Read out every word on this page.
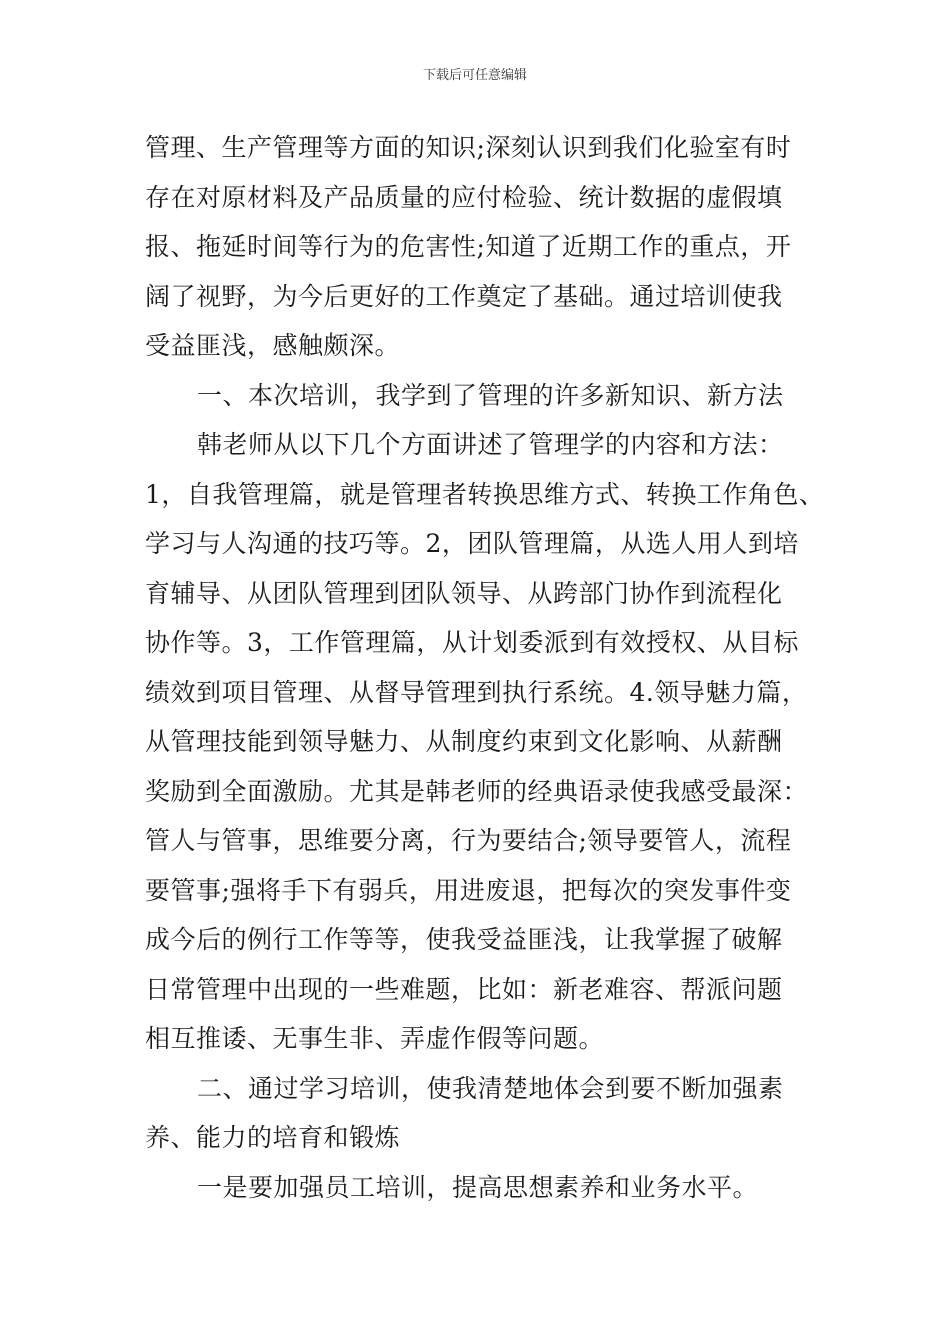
下载后可任意编辑
管理、生产管理等方面的知识;深刻认识到我们化验室有时
存在对原材料及产品质量的应付检验、统计数据的虚假填
报、拖延时间等行为的危害性;知道了近期工作的重点，开
阔了视野，为今后更好的工作奠定了基础。通过培训使我
受益匪浅，感触颇深。
一、本次培训，我学到了管理的许多新知识、新方法
韩老师从以下几个方面讲述了管理学的内容和方法：
1，自我管理篇，就是管理者转换思维方式、转换工作角色、
学习与人沟通的技巧等。2，团队管理篇，从选人用人到培
育辅导、从团队管理到团队领导、从跨部门协作到流程化
协作等。3，工作管理篇，从计划委派到有效授权、从目标
绩效到项目管理、从督导管理到执行系统。4.领导魅力篇，
从管理技能到领导魅力、从制度约束到文化影响、从薪酬
奖励到全面激励。尤其是韩老师的经典语录使我感受最深：
管人与管事，思维要分离，行为要结合;领导要管人，流程
要管事;强将手下有弱兵，用进废退，把每次的突发事件变
成今后的例行工作等等，使我受益匪浅，让我掌握了破解
日常管理中出现的一些难题，比如：新老难容、帮派问题
相互推诿、无事生非、弄虚作假等问题。
二、通过学习培训，使我清楚地体会到要不断加强素
养、能力的培育和锻炼
一是要加强员工培训，提高思想素养和业务水平。
